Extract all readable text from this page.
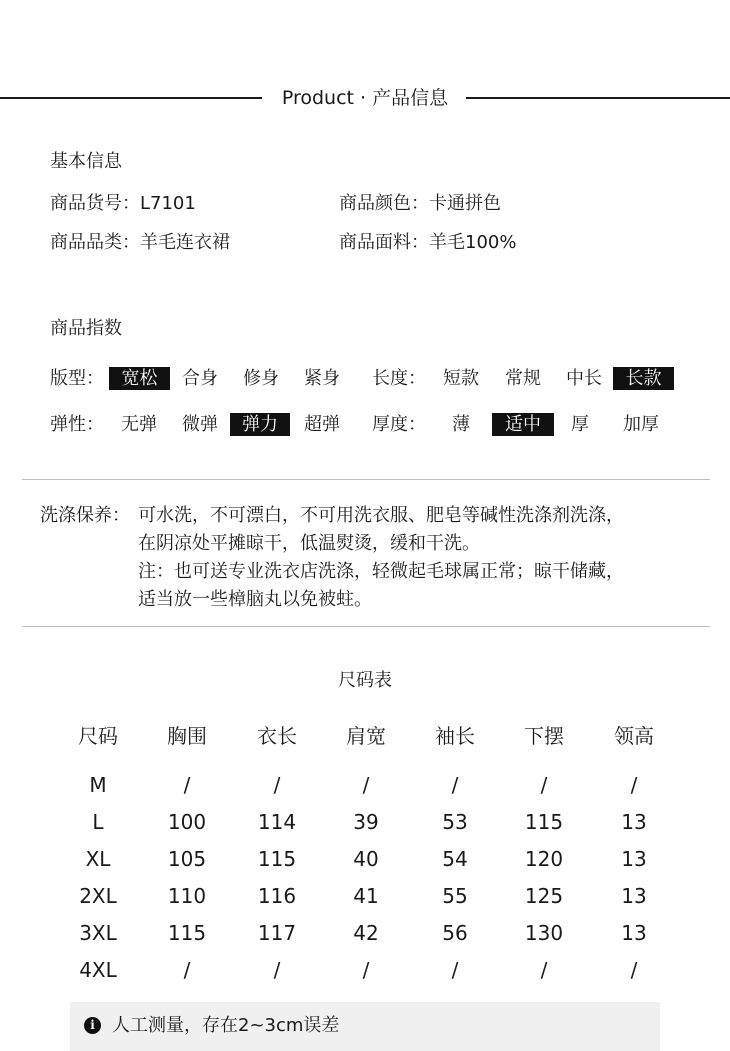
Product · 产品信息
基本信息
商品货号：L7101	商品颜色：卡通拼色
商品品类：羊毛连衣裙	商品面料：羊毛100%
商品指数
版型： 宽松	合身	修身	紧身	长度： 短款	常规	中长	长款
弹性： 无弹	微弹	弹力	超弹	厚度：	薄	适中	厚	加厚
洗涤保养： 可水洗，不可漂白，不可用洗衣服、肥皂等碱性洗涤剂洗涤，
在阴凉处平摊晾干，低温熨烫，缓和干洗。
注：也可送专业洗衣店洗涤，轻微起毛球属正常；晾干储藏，
适当放一些樟脑丸以免被蛀。
尺码表
尺码	胸围	衣长	肩宽	袖长	下摆	领高
M	/	/	/	/	/	/
L	100	114	39	53	115	13
XL	105	115	40	54	120	13
2XL	110	116	41	55	125	13
3XL	115	117	42	56	130	13
4XL	/	/	/	/	/	/
i 人工测量，存在2~3cm误差
